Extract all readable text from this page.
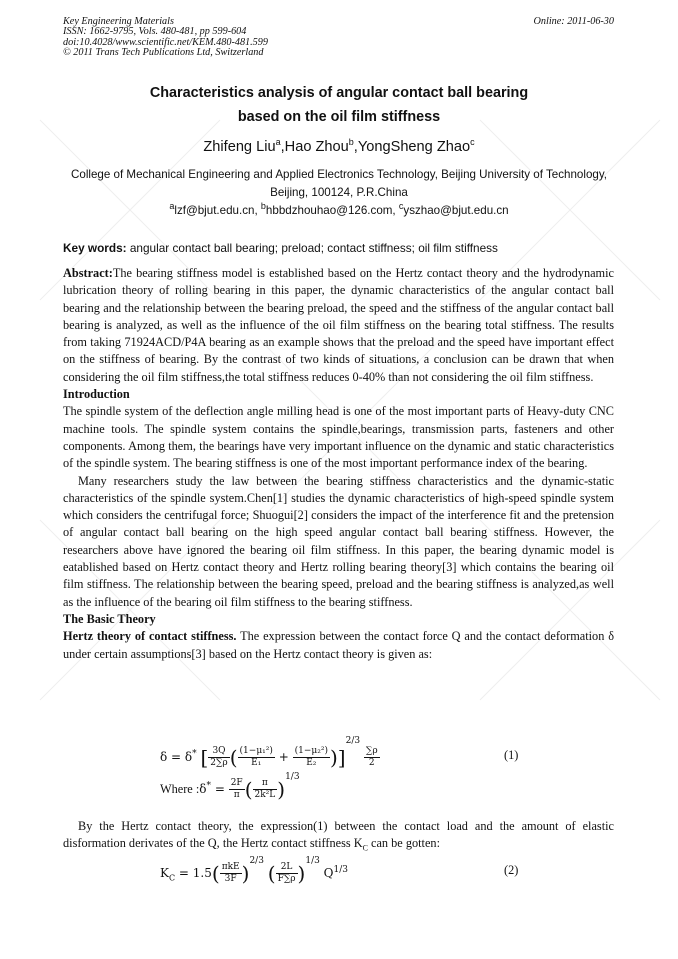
Key Engineering Materials
ISSN: 1662-9795, Vols. 480-481, pp 599-604
doi:10.4028/www.scientific.net/KEM.480-481.599
© 2011 Trans Tech Publications Ltd, Switzerland
Online: 2011-06-30
Characteristics analysis of angular contact ball bearing
based on the oil film stiffness
Zhifeng Liu$^a$,Hao Zhou$^b$,YongSheng Zhao$^c$
College of Mechanical Engineering and Applied Electronics Technology, Beijing University of Technology, Beijing, 100124, P.R.China
$^a$lzf@bjut.edu.cn, $^b$hbbdzhouhao@126.com, $^c$yszhao@bjut.edu.cn
Key words: angular contact ball bearing; preload; contact stiffness; oil film stiffness

Abstract:The bearing stiffness model is established based on the Hertz contact theory and the hydrodynamic lubrication theory of rolling bearing in this paper, the dynamic characteristics of the angular contact ball bearing and the relationship between the bearing preload, the speed and the stiffness of the angular contact ball bearing is analyzed, as well as the influence of the oil film stiffness on the bearing total stiffness. The results from taking 71924ACD/P4A bearing as an example shows that the preload and the speed have important effect on the stiffness of bearing. By the contrast of two kinds of situations, a conclusion can be drawn that when considering the oil film stiffness,the total stiffness reduces 0-40% than not considering the oil film stiffness.

Introduction

The spindle system of the deflection angle milling head is one of the most important parts of Heavy-duty CNC machine tools. The spindle system contains the spindle,bearings, transmission parts, fasteners and other components. Among them, the bearings have very important influence on the dynamic and static characteristics of the spindle system. The bearing stiffness is one of the most important performance index of the bearing.

Many researchers study the law between the bearing stiffness characteristics and the dynamic-static characteristics of the spindle system.Chen[1] studies the dynamic characteristics of high-speed spindle system which considers the centrifugal force; Shuogui[2] considers the impact of the interference fit and the pretension of angular contact ball bearing on the high speed angular contact ball bearing stiffness. However, the researchers above have ignored the bearing oil film stiffness. In this paper, the bearing dynamic model is eatablished based on Hertz contact theory and Hertz rolling bearing theory[3] which contains the bearing oil film stiffness. The relationship between the bearing speed, preload and the bearing stiffness is analyzed,as well as the influence of the bearing oil film stiffness to the bearing stiffness.

The Basic Theory

Hertz theory of contact stiffness. The expression between the contact force Q and the contact deformation δ under certain assumptions[3] based on the Hertz contact theory is given as:

δ = δ* [ $\frac{3Q}{2\sum\rho}$ ( $\frac{\text{(1−μ₁²)}}{\text{E₁}} + \frac{\text{(1−μ₂²)}}{\text{E₂}} )]^{2/3}$
$\frac{\sum\rho}{2}$	(1)
Where :δ* = $\frac{2F}{\pi}$ ( $\frac{\pi}{\text{2k²L}} )^{1/3}$

By the Hertz contact theory, the expression(1) between the contact load and the amount of elastic disformation derivates of the Q, the Hertz contact stiffness $K_C$ can be gotten:

$K_C = 1.5( \frac{\text{πkE}}{3F} )^{2/3}$ ( $\frac{2L}{F\sum\rho} )^{1/3}$ $Q^{1/3}$	(2)
